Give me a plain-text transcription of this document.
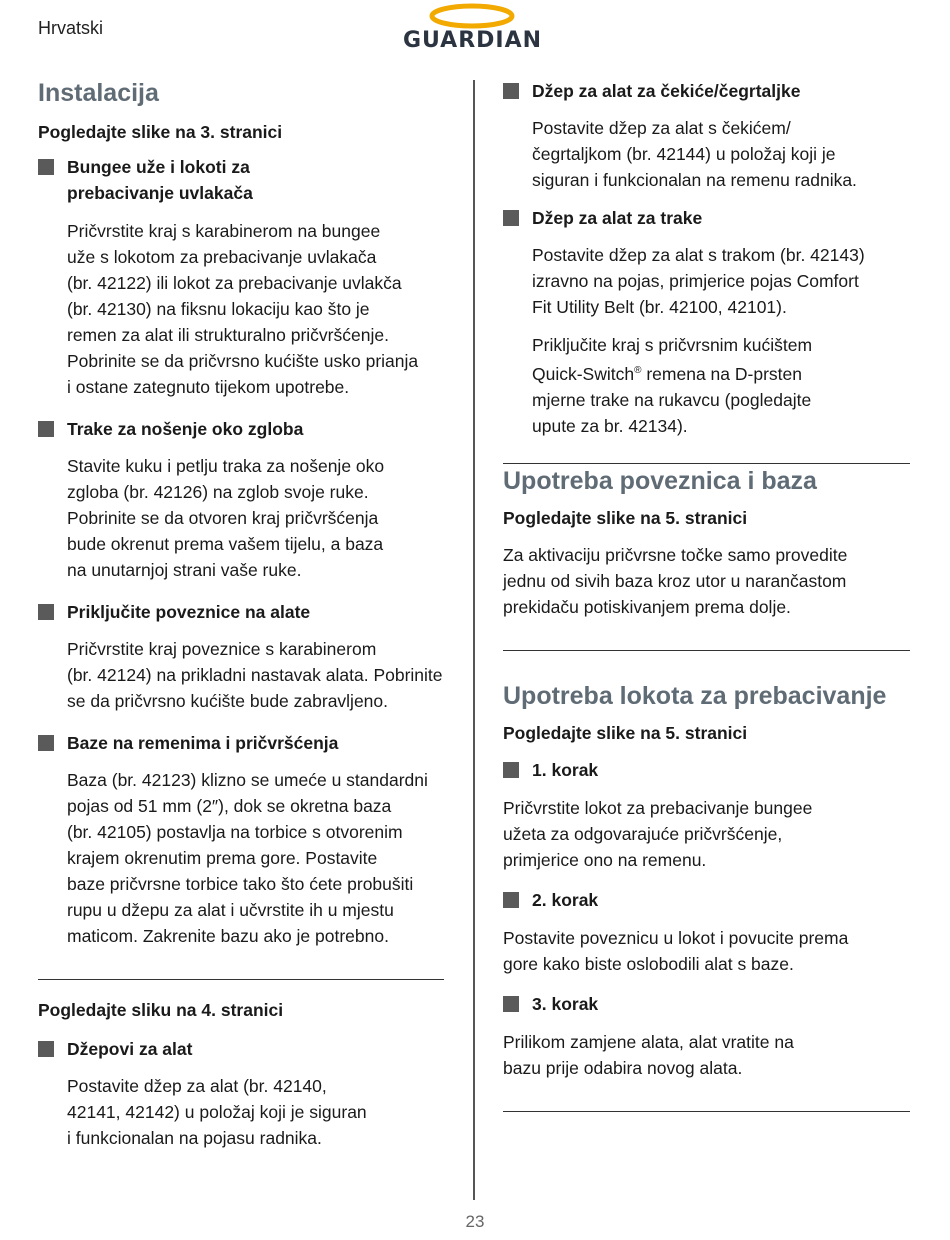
Hrvatski	GUARDIAN
Instalacija

Pogledajte slike na 3. stranici

Bungee uže i lokoti za
prebacivanje uvlakača

Pričvrstite kraj s karabinerom na bungee

uže s lokotom za prebacivanje uvlakača

(br. 42122) ili lokot za prebacivanje uvlakča

(br. 42130) na fiksnu lokaciju kao što je

remen za alat ili strukturalno pričvršćenje.

Pobrinite se da pričvrsno kućište usko prianja

i ostane zategnuto tijekom upotrebe.

Trake za nošenje oko zgloba

Stavite kuku i petlju traka za nošenje oko

zgloba (br. 42126) na zglob svoje ruke.

Pobrinite se da otvoren kraj pričvršćenja

bude okrenut prema vašem tijelu, a baza

na unutarnjoj strani vaše ruke.

Priključite poveznice na alate

Pričvrstite kraj poveznice s karabinerom

(br. 42124) na prikladni nastavak alata. Pobrinite

se da pričvrsno kućište bude zabravljeno.

Baze na remenima i pričvršćenja

Baza (br. 42123) klizno se umeće u standardni

pojas od 51 mm (2″), dok se okretna baza

(br. 42105) postavlja na torbice s otvorenim

krajem okrenutim prema gore. Postavite

baze pričvrsne torbice tako što ćete probušiti

rupu u džepu za alat i učvrstite ih u mjestu

maticom. Zakrenite bazu ako je potrebno.

Pogledajte sliku na 4. stranici

Džepovi za alat

Postavite džep za alat (br. 42140,

42141, 42142) u položaj koji je siguran

i funkcionalan na pojasu radnika.

Džep za alat za čekiće/čegrtaljke

Postavite džep za alat s čekićem/

čegrtaljkom (br. 42144) u položaj koji je

siguran i funkcionalan na remenu radnika.

Džep za alat za trake

Postavite džep za alat s trakom (br. 42143)

izravno na pojas, primjerice pojas Comfort

Fit Utility Belt (br. 42100, 42101).

Priključite kraj s pričvrsnim kućištem

Quick-Switch® remena na D-prsten

mjerne trake na rukavcu (pogledajte

upute za br. 42134).

Upotreba poveznica i baza

Pogledajte slike na 5. stranici

Za aktivaciju pričvrsne točke samo provedite

jednu od sivih baza kroz utor u narančastom

prekidaču potiskivanjem prema dolje.

Upotreba lokota za prebacivanje

Pogledajte slike na 5. stranici

1. korak

Pričvrstite lokot za prebacivanje bungee

užeta za odgovarajuće pričvršćenje,

primjerice ono na remenu.

2. korak

Postavite poveznicu u lokot i povucite prema

gore kako biste oslobodili alat s baze.

3. korak

Prilikom zamjene alata, alat vratite na

bazu prije odabira novog alata.

23
